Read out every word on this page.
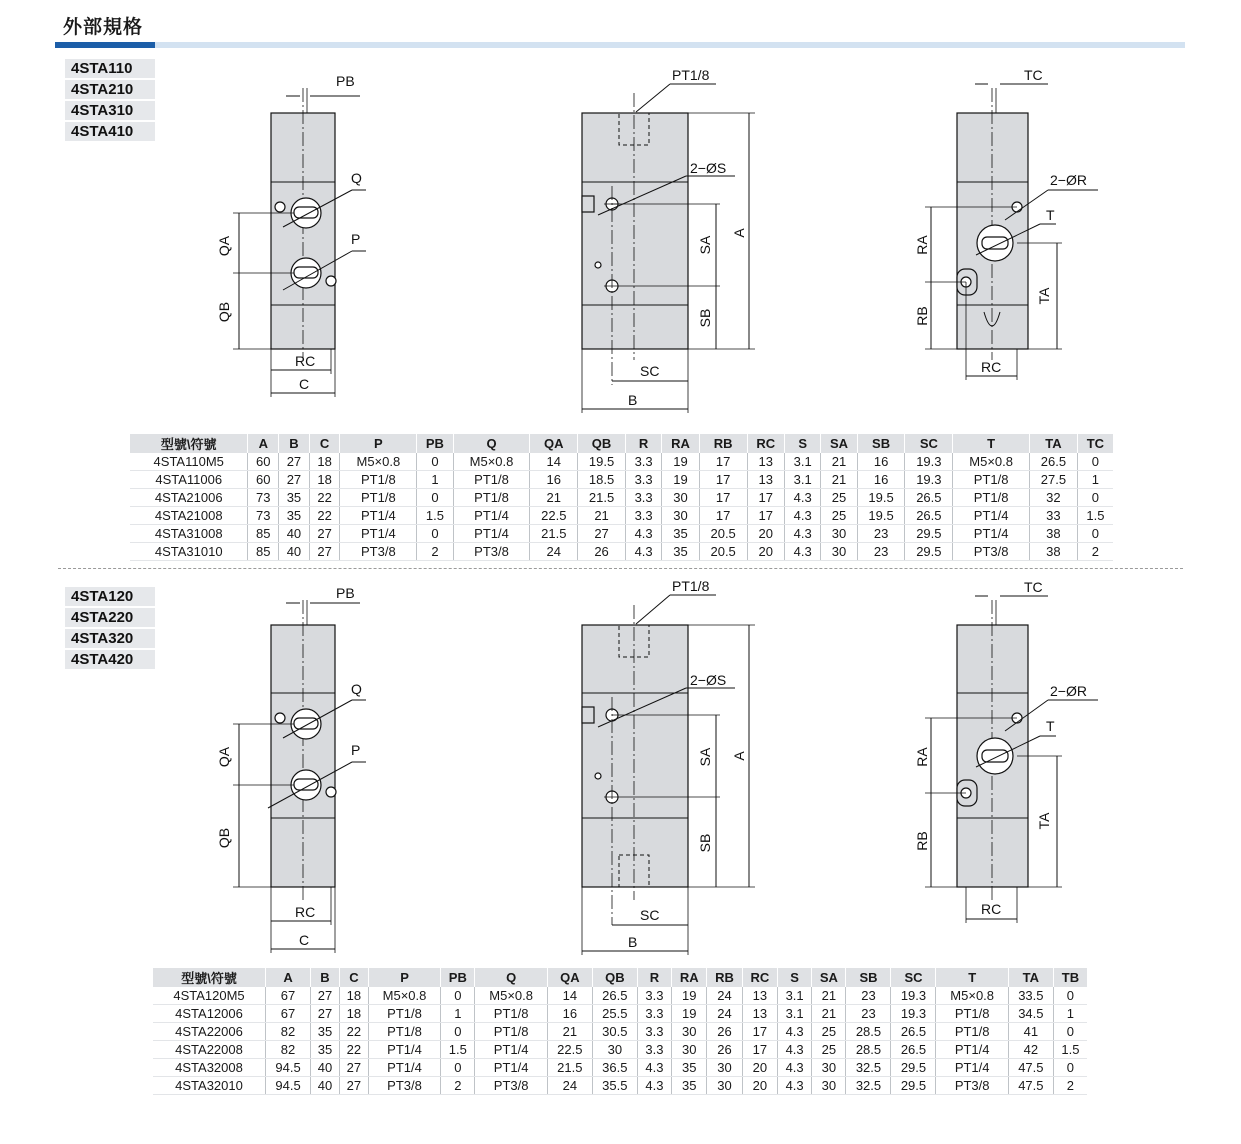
外部規格
4STA110
4STA210
4STA310
4STA410
PB
Q
P
QA
QB
RC
C
PT1/8
2−ØS
SA
SB
A
SC
B
TC
2−ØR
T
RA
RB
TA
RC
型號\符號	A	B	C	P	PB	Q	QA	QB	R	RA	RB	RC	S	SA	SB	SC	T	TA	TC
4STA110M5	60	27	18	M5×0.8	0	M5×0.8	14	19.5	3.3	19	17	13	3.1	21	16	19.3	M5×0.8	26.5	0
4STA11006	60	27	18	PT1/8	1	PT1/8	16	18.5	3.3	19	17	13	3.1	21	16	19.3	PT1/8	27.5	1
4STA21006	73	35	22	PT1/8	0	PT1/8	21	21.5	3.3	30	17	17	4.3	25	19.5	26.5	PT1/8	32	0
4STA21008	73	35	22	PT1/4	1.5	PT1/4	22.5	21	3.3	30	17	17	4.3	25	19.5	26.5	PT1/4	33	1.5
4STA31008	85	40	27	PT1/4	0	PT1/4	21.5	27	4.3	35	20.5	20	4.3	30	23	29.5	PT1/4	38	0
4STA31010	85	40	27	PT3/8	2	PT3/8	24	26	4.3	35	20.5	20	4.3	30	23	29.5	PT3/8	38	2
4STA120
4STA220
4STA320
4STA420
PB
Q
P
QA
QB
RC
C
PT1/8
2−ØS
SA
SB
A
SC
B
TC
2−ØR
T
RA
RB
TA
RC
型號\符號	A	B	C	P	PB	Q	QA	QB	R	RA	RB	RC	S	SA	SB	SC	T	TA	TB
4STA120M5	67	27	18	M5×0.8	0	M5×0.8	14	26.5	3.3	19	24	13	3.1	21	23	19.3	M5×0.8	33.5	0
4STA12006	67	27	18	PT1/8	1	PT1/8	16	25.5	3.3	19	24	13	3.1	21	23	19.3	PT1/8	34.5	1
4STA22006	82	35	22	PT1/8	0	PT1/8	21	30.5	3.3	30	26	17	4.3	25	28.5	26.5	PT1/8	41	0
4STA22008	82	35	22	PT1/4	1.5	PT1/4	22.5	30	3.3	30	26	17	4.3	25	28.5	26.5	PT1/4	42	1.5
4STA32008	94.5	40	27	PT1/4	0	PT1/4	21.5	36.5	4.3	35	30	20	4.3	30	32.5	29.5	PT1/4	47.5	0
4STA32010	94.5	40	27	PT3/8	2	PT3/8	24	35.5	4.3	35	30	20	4.3	30	32.5	29.5	PT3/8	47.5	2
